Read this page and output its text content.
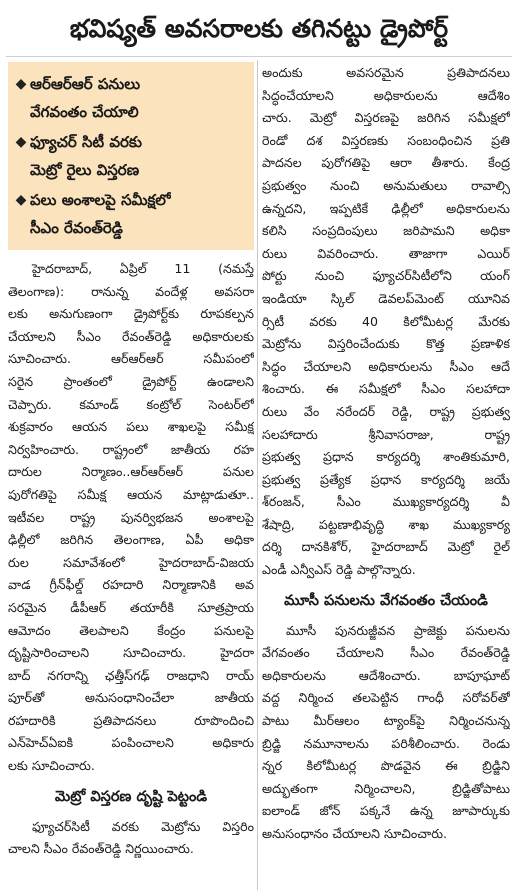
భవిష్యత్ అవసరాలకు తగినట్టు డ్రైపోర్ట్
◆ ఆర్ఆర్ఆర్ పనులు
వేగవంతం చేయాలి
◆ ఫ్యూచర్ సిటీ వరకు
మెట్రో రైలు విస్తరణ
◆ పలు అంశాలపై సమీక్షలో
సీఎం రేవంత్‌రెడ్డి
హైదరాబాద్, ఏప్రిల్ 11 (నమస్తే
తెలంగాణ): రానున్న వందేళ్ల అవసరా
లకు అనుగుణంగా డ్రైపోర్ట్‌కు రూపకల్పన
చేయాలని సీఎం రేవంత్‌రెడ్డి అధికారులకు
సూచించారు. ఆర్ఆర్ఆర్ సమీపంలో
సరైన ప్రాంతంలో డ్రైపోర్ట్ ఉండాలని
చెప్పారు. కమాండ్ కంట్రోల్ సెంటర్‌లో
శుక్రవారం ఆయన పలు శాఖలపై సమీక్ష
నిర్వహించారు. రాష్ట్రంలో జాతీయ రహ
దారుల నిర్మాణం..ఆర్ఆర్ఆర్ పనుల
పురోగతిపై సమీక్ష ఆయన మాట్లాడుతూ..
ఇటీవల రాష్ట్ర పునర్విభజన అంశాలపై
ఢిల్లీలో జరిగిన తెలంగాణ, ఏపీ అధికా
రుల సమావేశంలో హైదరాబాద్-విజయ
వాడ గ్రీన్‌ఫీల్డ్ రహదారి నిర్మాణానికి అవ
సరమైన డీపీఆర్ తయారీకి సూత్రప్రాయ
ఆమోదం తెలపాలని కేంద్రం పనులపై
దృష్టిసారించాలని సూచించారు. హైదరా
బాద్ నగరాన్ని ఛత్తీస్‌గఢ్ రాజధాని రాయ్
పూర్‌తో అనుసంధానించేలా జాతీయ
రహదారికి ప్రతిపాదనలు రూపొందించి
ఎన్‌హెచ్ఏఐకి పంపించాలని అధికారు
లకు సూచించారు.
మెట్రో విస్తరణ దృష్టి పెట్టండి
ఫ్యూచర్‌సిటీ వరకు మెట్రోను విస్తరిం
చాలని సీఎం రేవంత్‌రెడ్డి నిర్ణయించారు.
అందుకు అవసరమైన ప్రతిపాదనలు
సిద్ధంచేయాలని అధికారులను ఆదేశిం
చారు. మెట్రో విస్తరణపై జరిగిన సమీక్షలో
రెండో దశ విస్తరణకు సంబంధించిన ప్రతి
పాదనల పురోగతిపై ఆరా తీశారు. కేంద్ర
ప్రభుత్వం నుంచి అనుమతులు రావాల్సి
ఉన్నదని, ఇప్పటికే ఢిల్లీలో అధికారులను
కలిసి సంప్రదింపులు జరిపామని అధికా
రులు వివరించారు. తాజాగా ఎయిర్
పోర్టు నుంచి ఫ్యూచర్‌సిటీలోని యంగ్
ఇండియా స్కిల్ డెవలప్‌మెంట్ యూనివ
ర్సిటీ వరకు 40 కిలోమీటర్ల మేరకు
మెట్రోను విస్తరించేందుకు కొత్త ప్రణాళిక
సిద్ధం చేయాలని అధికారులను సీఎం ఆదే
శించారు. ఈ సమీక్షలో సీఎం సలహాదా
రులు వేం నరేందర్ రెడ్డి, రాష్ట్ర ప్రభుత్వ
సలహాదారు శ్రీనివాసరాజు, రాష్ట్ర
ప్రభుత్వ ప్రధాన కార్యదర్శి శాంతికుమారి,
ప్రభుత్వ ప్రత్యేక ప్రధాన కార్యదర్శి జయే
శ్‌రంజన్, సీఎం ముఖ్యకార్యదర్శి వీ
శేషాద్రి, పట్టణాభివృద్ధి శాఖ ముఖ్యకార్య
దర్శి దానకిశోర్, హైదరాబాద్ మెట్రో రైల్
ఎండీ ఎన్వీఎస్ రెడ్డి పాల్గొన్నారు.
మూసీ పనులను వేగవంతం చేయండి
మూసీ పునరుజ్జీవన ప్రాజెక్టు పనులను
వేగవంతం చేయాలని సీఎం రేవంత్‌రెడ్డి
అధికారులను ఆదేశించారు. బాపూఘాట్
వద్ద నిర్మించ తలపెట్టిన గాంధీ సరోవర్‌తో
పాటు మీర్‌ఆలం ట్యాంక్‌పై నిర్మించనున్న
బ్రిడ్జి నమూనాలను పరిశీలించారు. రెండు
న్నర కిలోమీటర్ల పొడవైన ఈ బ్రిడ్జిని
అద్భుతంగా నిర్మించాలని, బ్రిడ్జితోపాటు
ఐలాండ్ జోన్ పక్కనే ఉన్న జూపార్కుకు
అనుసంధానం చేయాలని సూచించారు.
